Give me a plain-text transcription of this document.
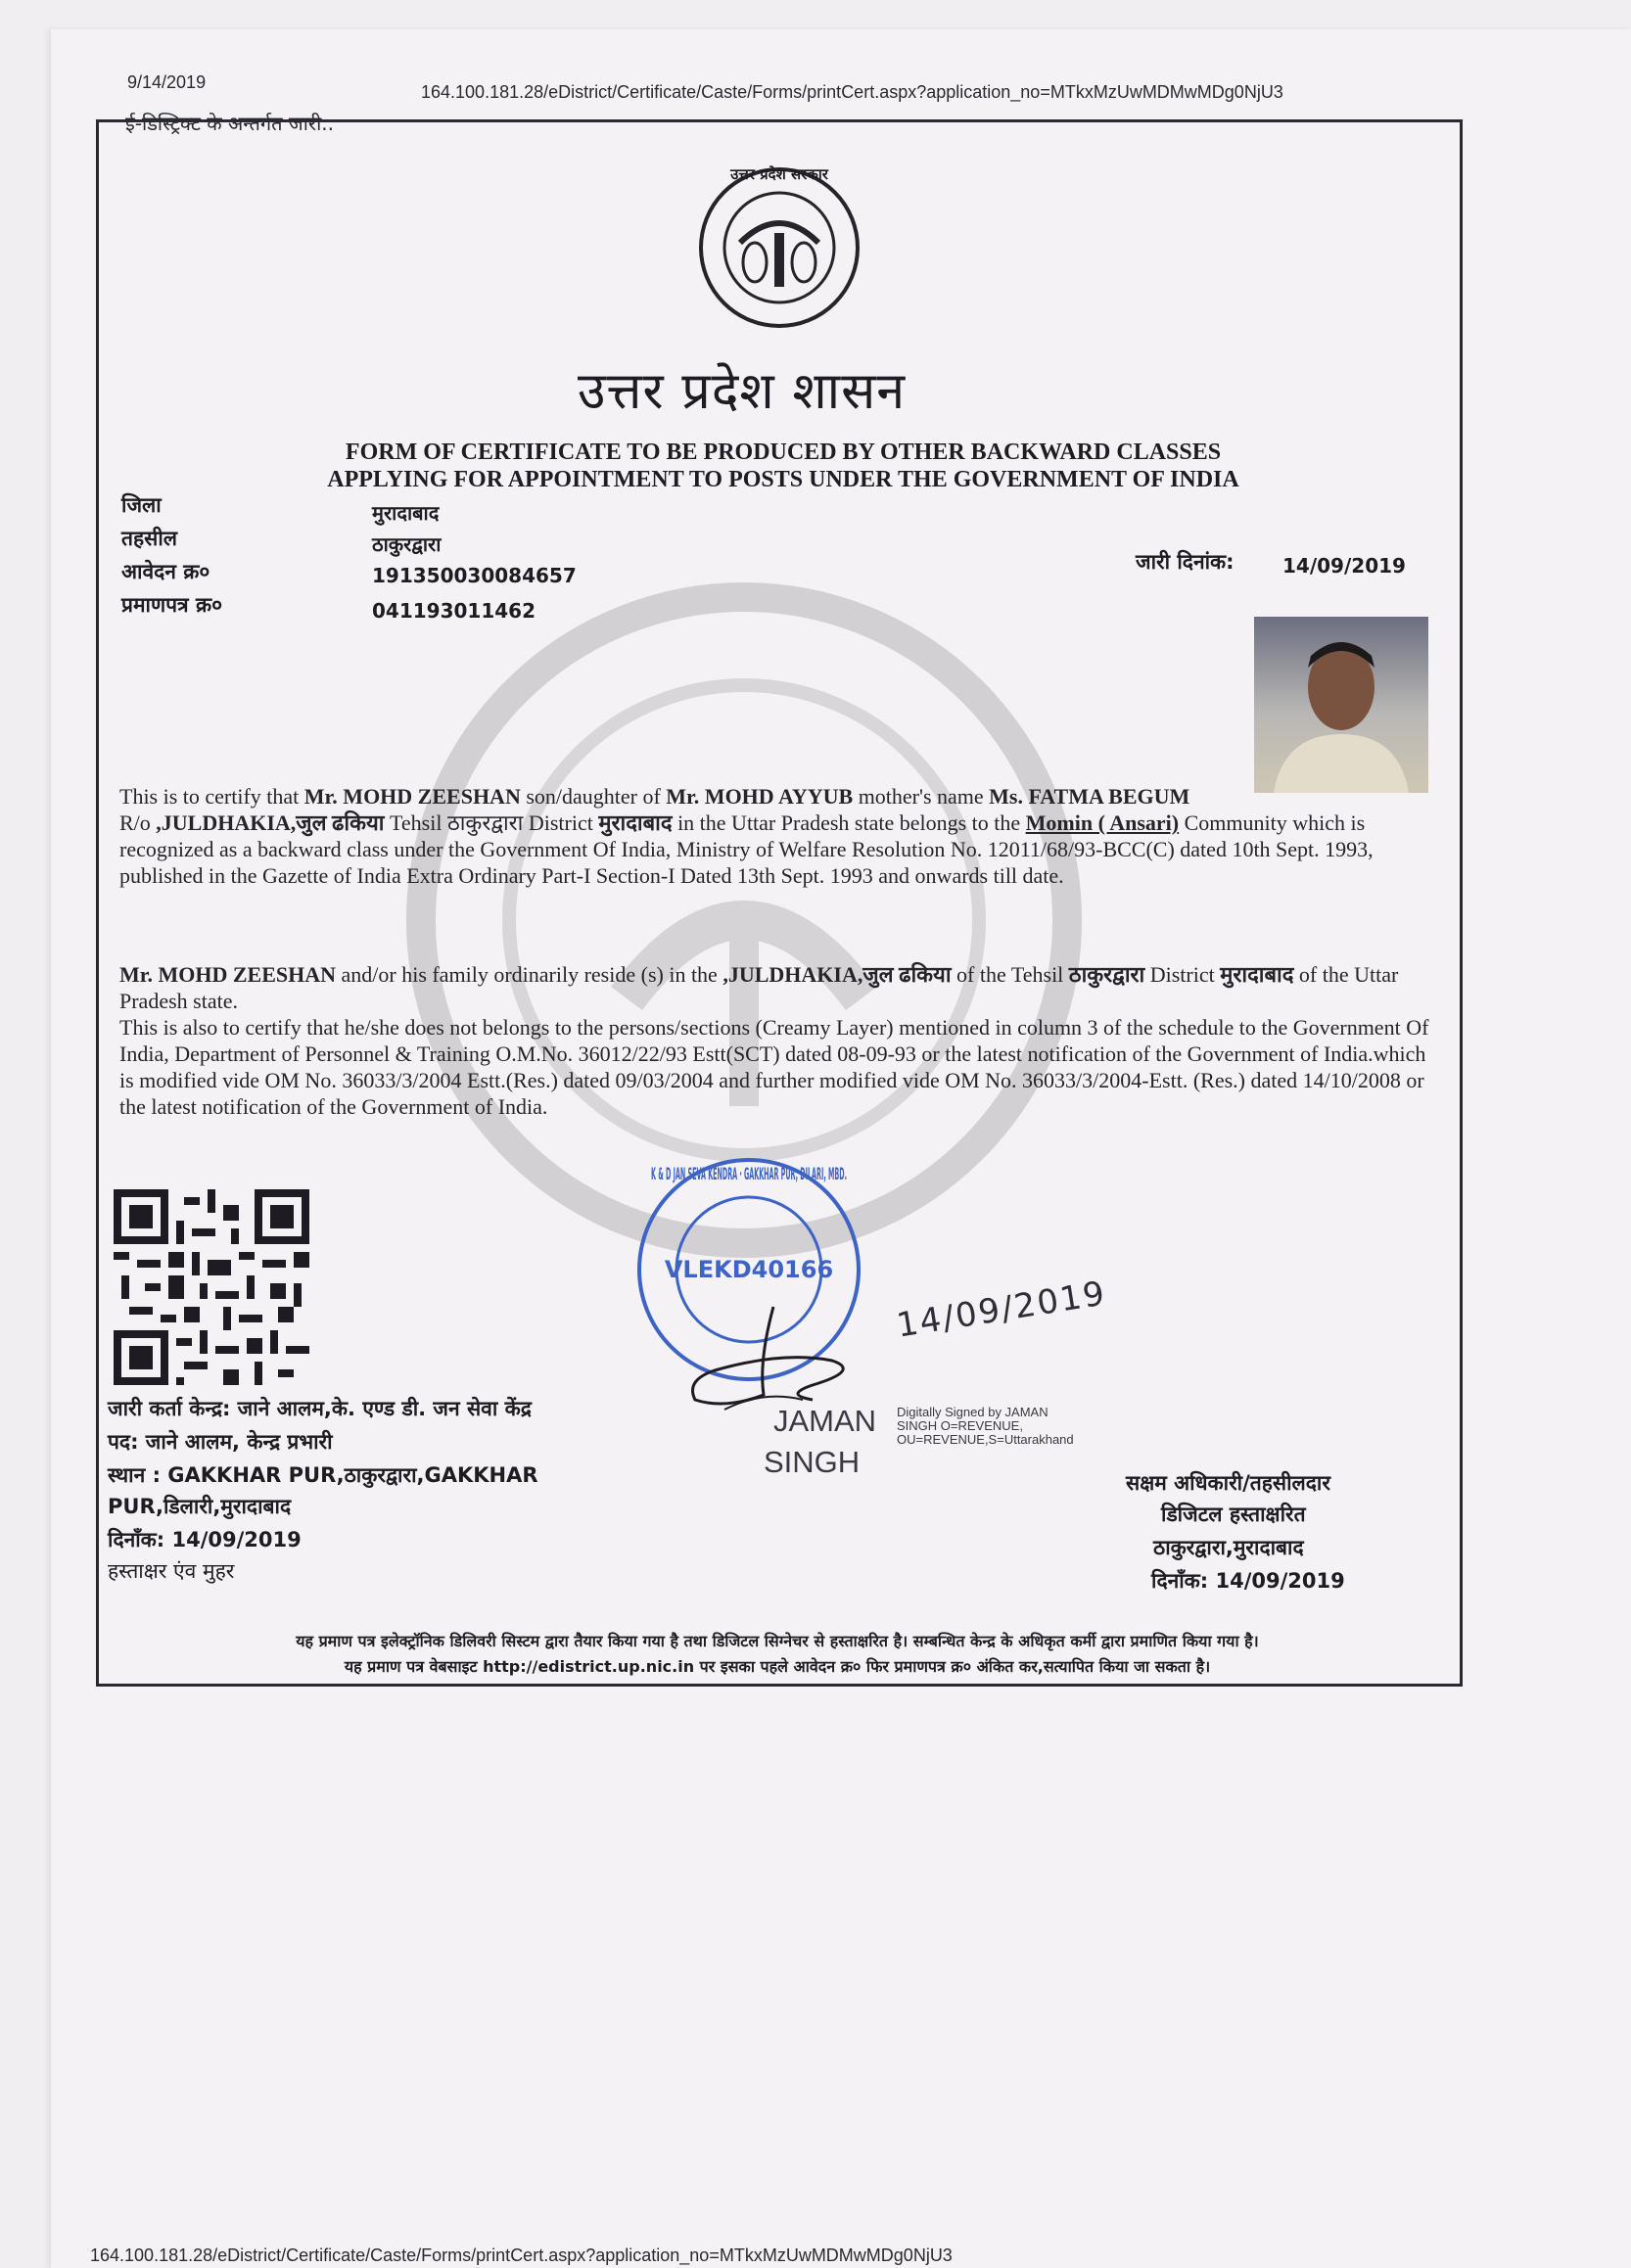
9/14/2019	164.100.181.28/eDistrict/Certificate/Caste/Forms/printCert.aspx?application_no=MTkxMzUwMDMwMDg0NjU3
ई-डिस्ट्रिक्ट के अन्तर्गत जारी..
उत्तर प्रदेश सरकार
उत्तर प्रदेश शासन
FORM OF CERTIFICATE TO BE PRODUCED BY OTHER BACKWARD CLASSES
APPLYING FOR APPOINTMENT TO POSTS UNDER THE GOVERNMENT OF INDIA
जिला	मुरादाबाद
तहसील	ठाकुरद्वारा
आवेदन क्र०	191350030084657
प्रमाणपत्र क्र०	041193011462
जारी दिनांक: 14/09/2019
This is to certify that Mr. MOHD ZEESHAN son/daughter of Mr. MOHD AYYUB mother's name Ms. FATMA BEGUM
R/o ,JULDHAKIA,जुल ढकिया Tehsil ठाकुरद्वारा District मुरादाबाद in the Uttar Pradesh state belongs to the Momin ( Ansari) Community which is recognized as a backward class under the Government Of India, Ministry of Welfare Resolution No. 12011/68/93-BCC(C) dated 10th Sept. 1993, published in the Gazette of India Extra Ordinary Part-I Section-I Dated 13th Sept. 1993 and onwards till date.
Mr. MOHD ZEESHAN and/or his family ordinarily reside (s) in the ,JULDHAKIA,जुल ढकिया of the Tehsil ठाकुरद्वारा District मुरादाबाद of the Uttar Pradesh state.
This is also to certify that he/she does not belongs to the persons/sections (Creamy Layer) mentioned in column 3 of the schedule to the Government Of India, Department of Personnel & Training O.M.No. 36012/22/93 Estt(SCT) dated 08-09-93 or the latest notification of the Government of India.which is modified vide OM No. 36033/3/2004 Estt.(Res.) dated 09/03/2004 and further modified vide OM No. 36033/3/2004-Estt. (Res.) dated 14/10/2008 or the latest notification of the Government of India.
K & D JAN SEVA KENDRA · GAKKHAR PUR, DILARI, MBD.
VLEKD40166
14/09/2019
JAMAN
SINGH
Digitally Signed by JAMAN
SINGH O=REVENUE,
OU=REVENUE,S=Uttarakhand
जारी कर्ता केन्द्र: जाने आलम,के. एण्ड डी. जन सेवा केंद्र
पद: जाने आलम, केन्द्र प्रभारी
स्थान : GAKKHAR PUR,ठाकुरद्वारा,GAKKHAR
PUR,डिलारी,मुरादाबाद
दिनाँक: 14/09/2019
हस्ताक्षर एंव मुहर
सक्षम अधिकारी/तहसीलदार
डिजिटल हस्ताक्षरित
ठाकुरद्वारा,मुरादाबाद
दिनाँक: 14/09/2019
यह प्रमाण पत्र इलेक्ट्रॉनिक डिलिवरी सिस्टम द्वारा तैयार किया गया है तथा डिजिटल सिग्नेचर से हस्ताक्षरित है। सम्बन्धित केन्द्र के अधिकृत कर्मी द्वारा प्रमाणित किया गया है।
यह प्रमाण पत्र वेबसाइट http://edistrict.up.nic.in पर इसका पहले आवेदन क्र० फिर प्रमाणपत्र क्र० अंकित कर,सत्यापित किया जा सकता है।
164.100.181.28/eDistrict/Certificate/Caste/Forms/printCert.aspx?application_no=MTkxMzUwMDMwMDg0NjU3
